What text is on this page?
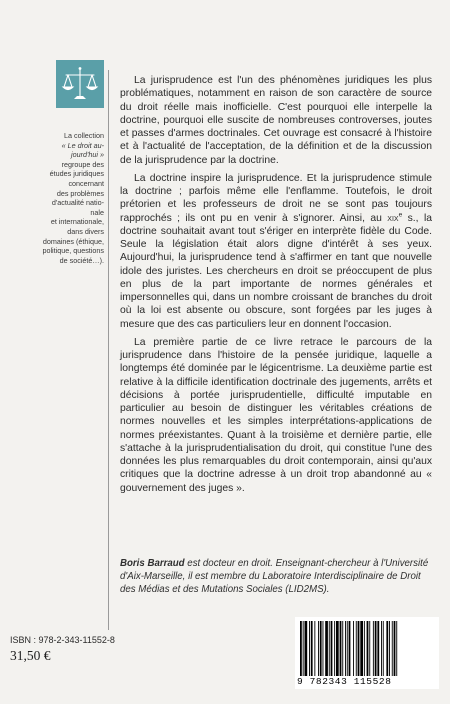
La collection
« Le droit au-
jourd'hui »
regroupe des
études juridiques
concernant
des problèmes
d'actualité natio-
nale
et internationale,
dans divers
domaines (éthique,
politique, questions
de société…).

La jurisprudence est l'un des phénomènes juridiques les plus problématiques, notamment en raison de son caractère de source du droit réelle mais inofficielle. C'est pourquoi elle interpelle la doctrine, pourquoi elle suscite de nombreuses controverses, joutes et passes d'armes doctrinales. Cet ouvrage est consacré à l'histoire et à l'actualité de l'acceptation, de la définition et de la discussion de la jurisprudence par la doctrine.

La doctrine inspire la jurisprudence. Et la jurisprudence stimule la doctrine ; parfois même elle l'enflamme. Toutefois, le droit prétorien et les professeurs de droit ne se sont pas toujours rapprochés ; ils ont pu en venir à s'ignorer. Ainsi, au xix$^e$ s., la doctrine souhaitait avant tout s'ériger en interprète fidèle du Code. Seule la législation était alors digne d'intérêt à ses yeux. Aujourd'hui, la jurisprudence tend à s'affirmer en tant que nouvelle idole des juristes. Les chercheurs en droit se préoccupent de plus en plus de la part importante de normes générales et impersonnelles qui, dans un nombre croissant de branches du droit où la loi est absente ou obscure, sont forgées par les juges à mesure que des cas particuliers leur en donnent l'occasion.

La première partie de ce livre retrace le parcours de la jurisprudence dans l'histoire de la pensée juridique, laquelle a longtemps été dominée par le légicentrisme. La deuxième partie est relative à la difficile identification doctrinale des jugements, arrêts et décisions à portée jurisprudentielle, difficulté imputable en particulier au besoin de distinguer les véritables créations de normes nouvelles et les simples interprétations-applications de normes préexistantes. Quant à la troisième et dernière partie, elle s'attache à la jurisprudentialisation du droit, qui constitue l'une des données les plus remarquables du droit contemporain, ainsi qu'aux critiques que la doctrine adresse à un droit trop abandonné au « gouvernement des juges ».

Boris Barraud est docteur en droit. Enseignant-chercheur à l'Université d'Aix-Marseille, il est membre du Laboratoire Interdisciplinaire de Droit des Médias et des Mutations Sociales (LID2MS).
ISBN : 978-2-343-11552-8
31,50 €
9 782343 115528
